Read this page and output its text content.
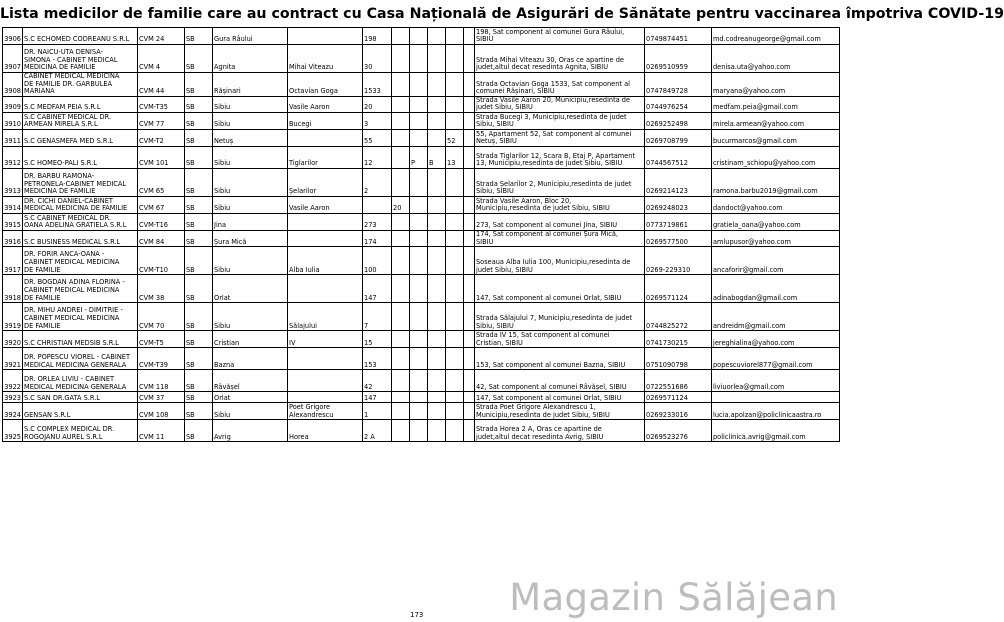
Lista medicilor de familie care au contract cu Casa Națională de Asigurări de Sănătate pentru vaccinarea împotriva COVID-19
3906	S.C ECHOMED CODREANU S.R.L	CVM 24	SB	Gura Râului		198						198, Sat component al comunei Gura Râului,
SIBIU	0749874451	md.codreanugeorge@gmail.com
3907	DR. NAICU-UTA DENISA-
SIMONA - CABINET MEDICAL
MEDICINA DE FAMILIE	CVM 4	SB	Agnita	Mihai Viteazu	30						Strada Mihai Viteazu 30, Oras ce apartine de
judet,altul decat resedinta Agnita, SIBIU	0269510959	denisa.uta@yahoo.com
3908	CABINET MEDICAL MEDICINA
DE FAMILIE DR. GARBULEA
MARIANA	CVM 44	SB	Rășinari	Octavian Goga	1533						Strada Octavian Goga 1533, Sat component al
comunei Rășinari, SIBIU	0747849728	maryana@yahoo.com
3909	S.C MEDFAM PEIA S.R.L	CVM-T35	SB	Sibiu	Vasile Aaron	20						Strada Vasile Aaron 20, Municipiu,resedinta de
judet Sibiu, SIBIU	0744976254	medfam.peia@gmail.com
3910	S.C CABINET MEDICAL DR.
ARMEAN MIRELA S.R.L	CVM 77	SB	Sibiu	Bucegi	3						Strada Bucegi 3, Municipiu,resedinta de judet
Sibiu, SIBIU	0269252498	mirela.armean@yahoo.com
3911	S.C GENASMEFA MED S.R.L	CVM-T2	SB	Netuș		55				52		55, Apartament 52, Sat component al comunei
Netuș, SIBIU	0269708799	bucurmarcos@gmail.com
3912	S.C HOMEO-PALI S.R.L	CVM 101	SB	Sibiu	Tiglarilor	12		P	B	13		Strada Tiglarilor 12, Scara B, Etaj P, Apartament
13, Municipiu,resedinta de judet Sibiu, SIBIU	0744567512	cristinam_schiopu@yahoo.com
3913	DR. BARBU RAMONA-
PETRONELA-CABINET MEDICAL
MEDICINA DE FAMILIE	CVM 65	SB	Sibiu	Șelarilor	2						Strada Șelarilor 2, Municipiu,resedinta de judet
Sibiu, SIBIU	0269214123	ramona.barbu2019@gmail.com
3914	DR. CICHI DANIEL-CABINET
MEDICAL MEDICINA DE FAMILIE	CVM 67	SB	Sibiu	Vasile Aaron		20					Strada Vasile Aaron, Bloc 20,
Municipiu,resedinta de judet Sibiu, SIBIU	0269248023	dandoct@yahoo.com
3915	S.C CABINET MEDICAL DR.
OANA ADELINA GRATIELA S.R.L	CVM-T16	SB	Jina		273						273, Sat component al comunei Jina, SIBIU	0773719861	gratiela_oana@yahoo.com
3916	S.C BUSINESS MEDICAL S.R.L	CVM 84	SB	Șura Mică		174						174, Sat component al comunei Șura Mică,
SIBIU	0269577500	amlupusor@yahoo.com
3917	DR. FORIR ANCA-OANA -
CABINET MEDICAL MEDICINA
DE FAMILIE	CVM-T10	SB	Sibiu	Alba Iulia	100						Soseaua Alba Iulia 100, Municipiu,resedinta de
judet Sibiu, SIBIU	0269-229310	ancaforir@gmail.com
3918	DR. BOGDAN ADINA FLORINA -
CABINET MEDICAL MEDICINA
DE FAMILIE	CVM 38	SB	Orlat		147						147, Sat component al comunei Orlat, SIBIU	0269571124	adinabogdan@gmail.com
3919	DR. MIHU ANDREI - DIMITRIE -
CABINET MEDICAL MEDICINA
DE FAMILIE	CVM 70	SB	Sibiu	Sălajului	7						Strada Sălajului 7, Municipiu,resedinta de judet
Sibiu, SIBIU	0744825272	andreidm@gmail.com
3920	S.C CHRISTIAN MEDSIB S.R.L	CVM-T5	SB	Cristian	IV	15						Strada IV 15, Sat component al comunei
Cristian, SIBIU	0741730215	jereghialina@yahoo.com
3921	DR. POPESCU VIOREL - CABINET
MEDICAL MEDICINA GENERALA	CVM-T39	SB	Bazna		153						153, Sat component al comunei Bazna, SIBIU	0751090798	popescuviorel877@gmail.com
3922	DR. ORLEA LIVIU - CABINET
MEDICAL MEDICINA GENERALA	CVM 118	SB	Râvășel		42						42, Sat component al comunei Râvășel, SIBIU	0722551686	liviuorlea@gmail.com
3923	S.C SAN DR.GATA S.R.L	CVM 37	SB	Orlat		147						147, Sat component al comunei Orlat, SIBIU	0269571124	
3924	GENSAN S.R.L	CVM 108	SB	Sibiu	Poet Grigore
Alexandrescu	1						Strada Poet Grigore Alexandrescu 1,
Municipiu,resedinta de judet Sibiu, SIBIU	0269233016	lucia.apolzan@policlinicaastra.ro
3925	S.C COMPLEX MEDICAL DR.
ROGOJANU AUREL S.R.L	CVM 11	SB	Avrig	Horea	2 A						Strada Horea 2 A, Oras ce apartine de
judet,altul decat resedinta Avrig, SIBIU	0269523276	policlinica.avrig@gmail.com
173 Magazin Sălăjean
